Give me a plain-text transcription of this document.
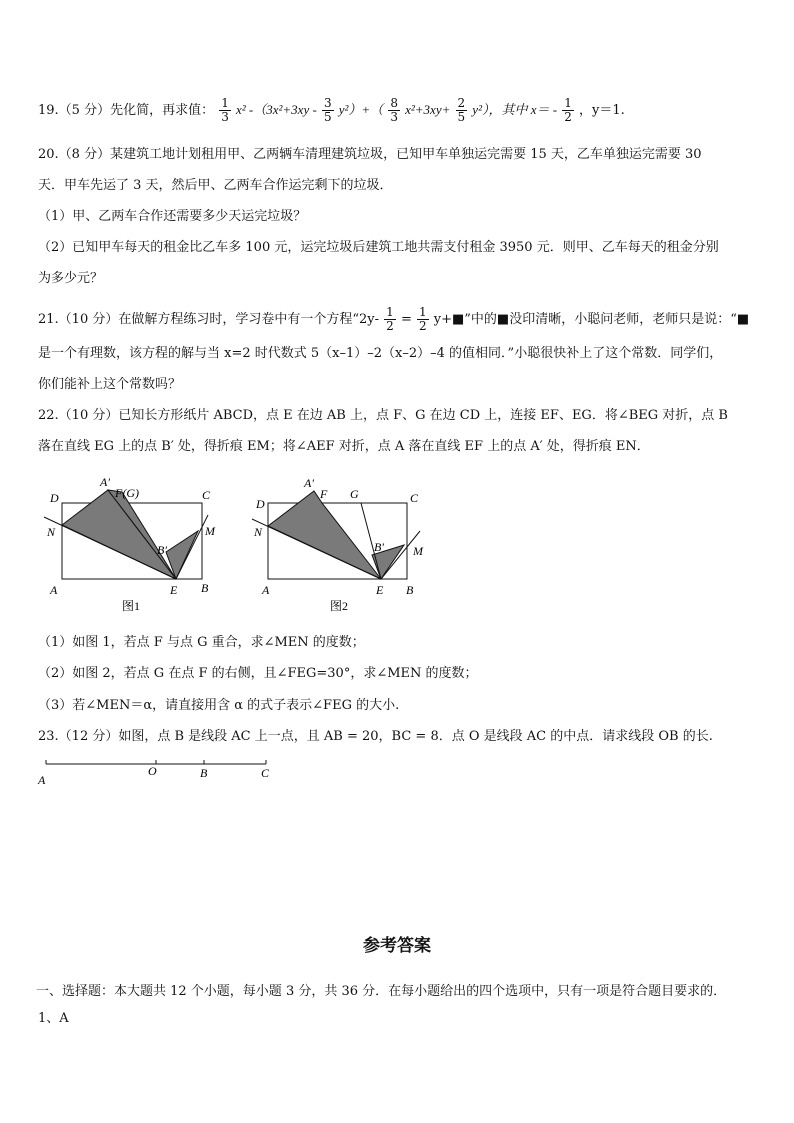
19.（5 分）先化简，再求值： $\frac{1}{3} x^2$ $-(3x^2+3xy - \frac{3}{5} y^2)+( \frac{8}{3} x^2+3xy+ \frac{2}{5} y^2)$，其中 $x= - \frac{1}{2}$ ，y＝1.
20.（8 分）某建筑工地计划租用甲、乙两辆车清理建筑垃圾，已知甲车单独运完需要 15 天，乙车单独运完需要 30
天．甲车先运了 3 天，然后甲、乙两车合作运完剩下的垃圾．
（1）甲、乙两车合作还需要多少天运完垃圾？
（2）已知甲车每天的租金比乙车多 100 元，运完垃圾后建筑工地共需支付租金 3950 元．则甲、乙车每天的租金分别
为多少元？
21.（10 分）在做解方程练习时，学习卷中有一个方程“$2y- \frac{1}{2} = \frac{1}{2}$ y+■”中的■没印清晰，小聪问老师，老师只是说：“■
是一个有理数，该方程的解与当 x=2 时代数式 5（x–1）–2（x–2）–4 的值相同．”小聪很快补上了这个常数．同学们，
你们能补上这个常数吗？
22.（10 分）已知长方形纸片 ABCD，点 E 在边 AB 上，点 F、G 在边 CD 上，连接 EF、EG．将∠BEG 对折，点 B
落在直线 EG 上的点 B′ 处，得折痕 EM；将∠AEF 对折，点 A 落在直线 EF 上的点 A′ 处，得折痕 EN．
D
A′
F(G)	C
N
B′
M
A	E B
图1
D
A′
F G	C
N
B′ M
A	E B
图2
（1）如图 1，若点 F 与点 G 重合，求∠MEN 的度数；
（2）如图 2，若点 G 在点 F 的右侧，且∠FEG=30°，求∠MEN 的度数；
（3）若∠MEN＝α，请直接用含 α 的式子表示∠FEG 的大小.
23.（12 分）如图，点 B 是线段 AC 上一点，且 AB = 20，BC = 8．点 O 是线段 AC 的中点．请求线段 OB 的长.
A
O	B	C
参考答案
一、选择题：本大题共 12 个小题，每小题 3 分，共 36 分．在每小题给出的四个选项中，只有一项是符合题目要求的．
1、A
